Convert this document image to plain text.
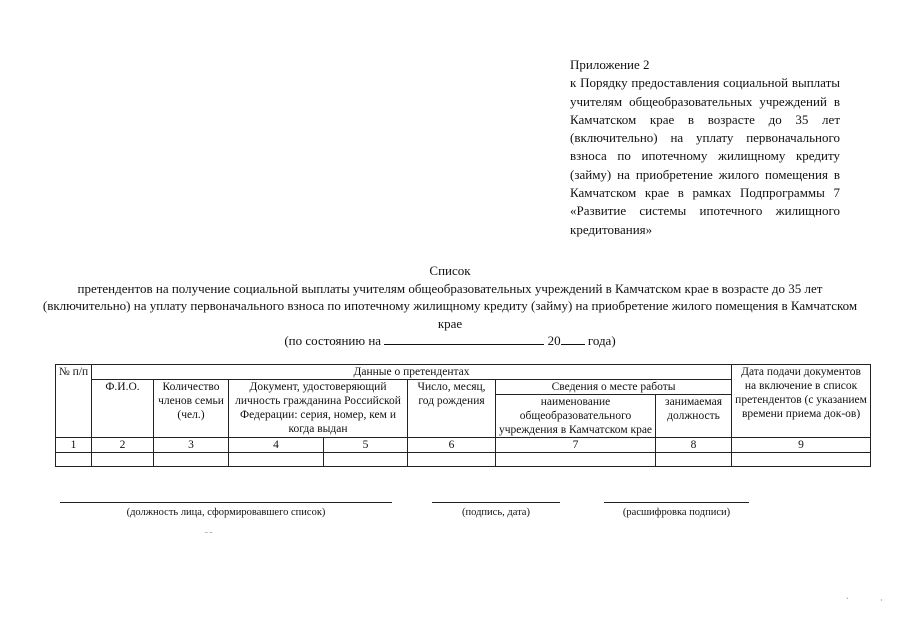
Приложение 2
к Порядку предоставления социальной выплаты учителям общеобразовательных учреждений в Камчатском крае в возрасте до 35 лет (включительно) на уплату первоначального взноса по ипотечному жилищному кредиту (займу) на приобретение жилого помещения в Камчатском крае в рамках Подпрограммы 7 «Развитие системы ипотечного жилищного кредитования»
Список
претендентов на получение социальной выплаты учителям общеобразовательных учреждений в Камчатском крае в возрасте до 35 лет (включительно) на уплату первоначального взноса по ипотечному жилищному кредиту (займу) на приобретение жилого помещения в Камчатском крае
(по состоянию на	20 года)
№ п/п	Данные о претендентах							Дата подачи документов на включение в список претендентов (с указанием времени приема док-ов)
	Ф.И.О.	Количество членов семьи (чел.)	Документ, удостоверяющий личность гражданина Российской Федерации: серия, номер, кем и когда выдан		Число, месяц, год рождения	Сведения о месте работы		
						наименование общеобразовательного учреждения в Камчатском крае	занимаемая должность	
1	2	3	4	5	6	7	8	9

(должность лица, сформировавшего список)	(подпись, дата)	(расшифровка подписи)
ˉ ˉ
ˏ
·
